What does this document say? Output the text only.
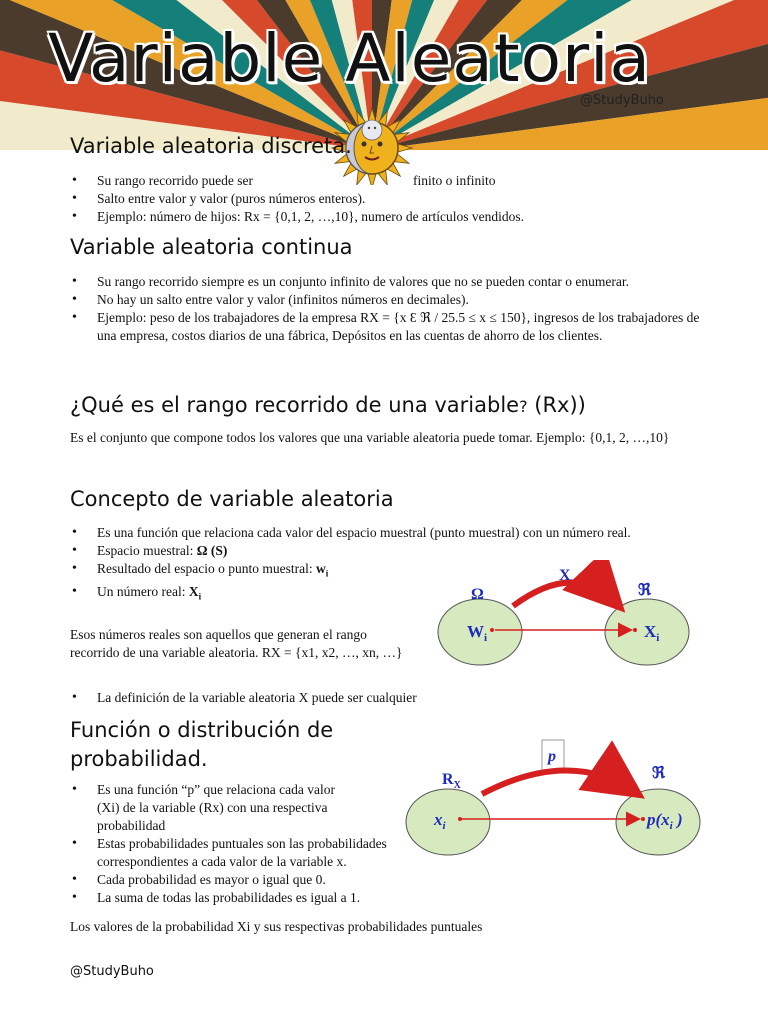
Variable Aleatoria
@StudyBuho
Variable aleatoria discreta.
• Su rango recorrido puede ser	finito o infinito
• Salto entre valor y valor (puros números enteros).
• Ejemplo: número de hijos: Rx = {0,1, 2, …,10}, numero de artículos vendidos.
Variable aleatoria continua
• Su rango recorrido siempre es un conjunto infinito de valores que no se pueden contar o enumerar.
• No hay un salto entre valor y valor (infinitos números en decimales).
• Ejemplo: peso de los trabajadores de la empresa RX = {x Ɛ ℜ / 25.5 ≤ x ≤ 150}, ingresos de los trabajadores de una empresa, costos diarios de una fábrica, Depósitos en las cuentas de ahorro de los clientes.
¿Qué es el rango recorrido de una variable? (Rx))
Es el conjunto que compone todos los valores que una variable aleatoria puede tomar. Ejemplo: {0,1, 2, …,10}
Concepto de variable aleatoria
• Es una función que relaciona cada valor del espacio muestral (punto muestral) con un número real.
• Espacio muestral: Ω (S)
• Resultado del espacio o punto muestral: $w_i$
• Un número real: $X_i$
Esos números reales son aquellos que generan el rango recorrido de una variable aleatoria. RX = {x1, x2, …, xn, …}
• La definición de la variable aleatoria X puede ser cualquier
X
Ω	ℜ
$W_i$	$X_i$
Función o distribución de
probabilidad.
• Es una función “p” que relaciona cada valor (Xi) de la variable (Rx) con una respectiva probabilidad
• Estas probabilidades puntuales son las probabilidades correspondientes a cada valor de la variable x.
• Cada probabilidad es mayor o igual que 0.
• La suma de todas las probabilidades es igual a 1.
Los valores de la probabilidad Xi y sus respectivas probabilidades puntuales
p
$R_X$
ℜ
$x_i$	$p(x_i$ )
@StudyBuho
